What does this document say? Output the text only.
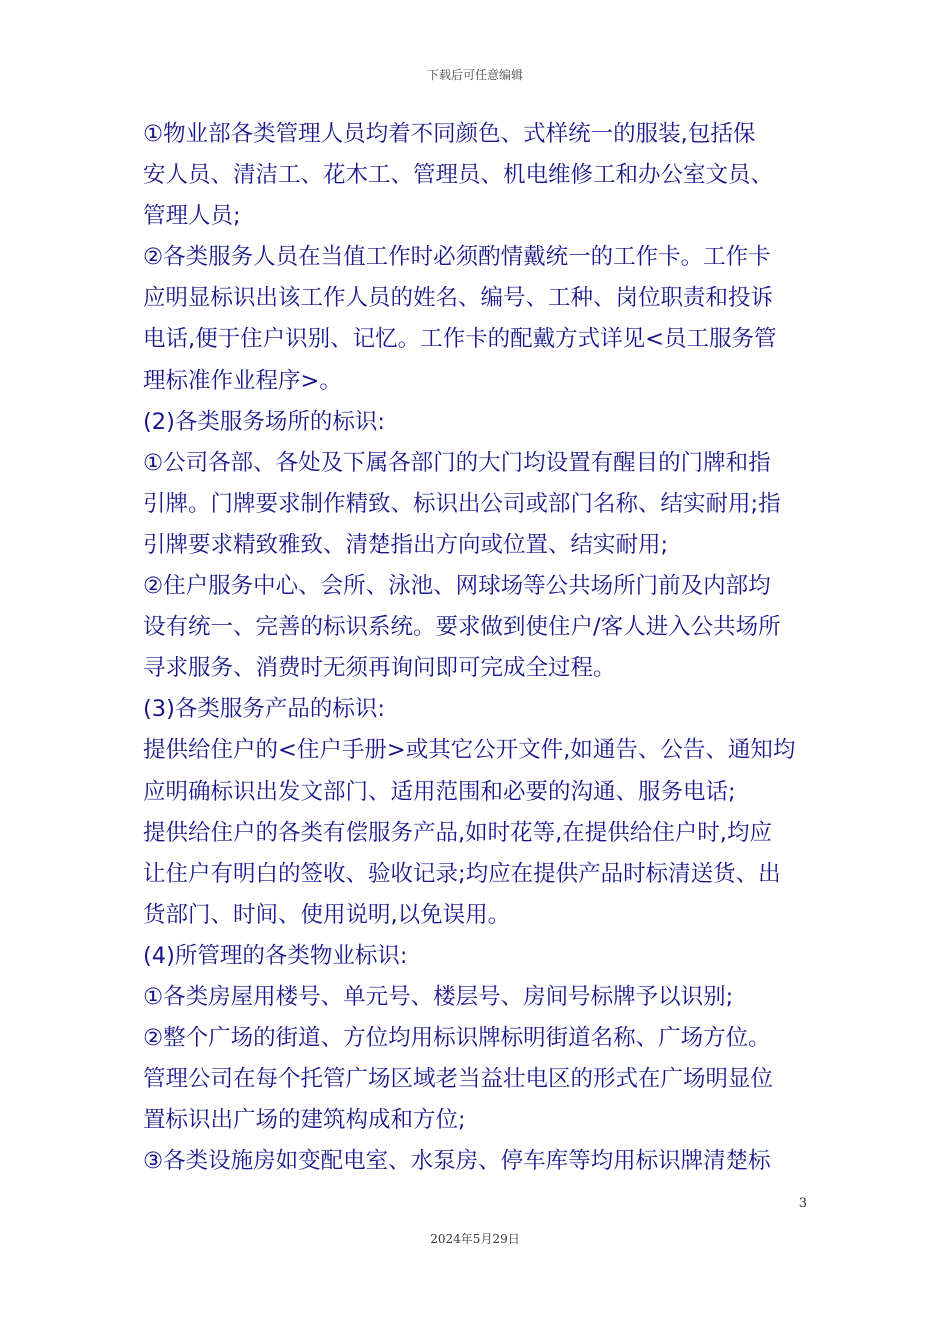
下载后可任意编辑
①物业部各类管理人员均着不同颜色、式样统一的服装,包括保
安人员、清洁工、花木工、管理员、机电维修工和办公室文员、
管理人员;
②各类服务人员在当值工作时必须酌情戴统一的工作卡。工作卡
应明显标识出该工作人员的姓名、编号、工种、岗位职责和投诉
电话,便于住户识别、记忆。工作卡的配戴方式详见<员工服务管
理标准作业程序>。
(2)各类服务场所的标识:
①公司各部、各处及下属各部门的大门均设置有醒目的门牌和指
引牌。门牌要求制作精致、标识出公司或部门名称、结实耐用;指
引牌要求精致雅致、清楚指出方向或位置、结实耐用;
②住户服务中心、会所、泳池、网球场等公共场所门前及内部均
设有统一、完善的标识系统。要求做到使住户/客人进入公共场所
寻求服务、消费时无须再询问即可完成全过程。
(3)各类服务产品的标识:
提供给住户的<住户手册>或其它公开文件,如通告、公告、通知均
应明确标识出发文部门、适用范围和必要的沟通、服务电话;
提供给住户的各类有偿服务产品,如时花等,在提供给住户时,均应
让住户有明白的签收、验收记录;均应在提供产品时标清送货、出
货部门、时间、使用说明,以免误用。
(4)所管理的各类物业标识:
①各类房屋用楼号、单元号、楼层号、房间号标牌予以识别;
②整个广场的街道、方位均用标识牌标明街道名称、广场方位。
管理公司在每个托管广场区域老当益壮电区的形式在广场明显位
置标识出广场的建筑构成和方位;
③各类设施房如变配电室、水泵房、停车库等均用标识牌清楚标
3
2024年5月29日
